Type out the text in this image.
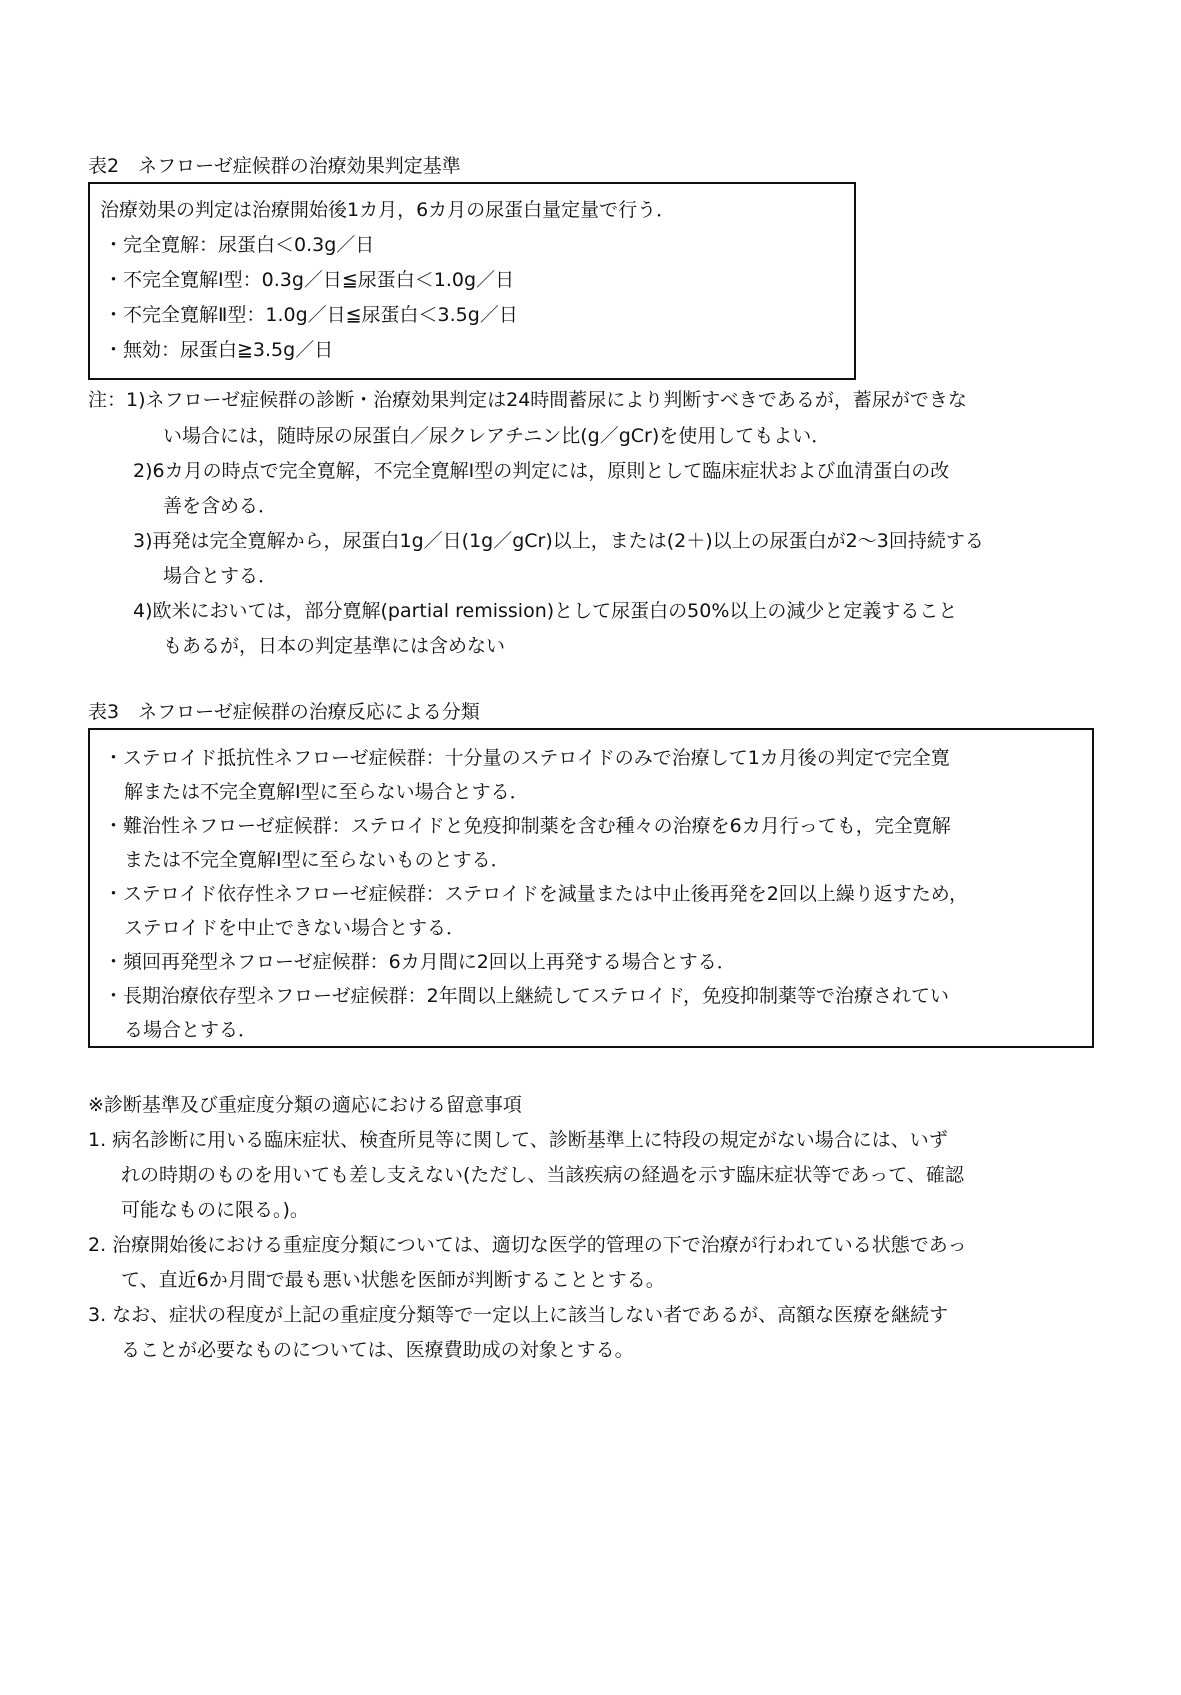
表2　ネフローゼ症候群の治療効果判定基準
治療効果の判定は治療開始後1カ月，6カ月の尿蛋白量定量で行う．
・完全寛解：尿蛋白＜0.3g／日
・不完全寛解Ⅰ型：0.3g／日≦尿蛋白＜1.0g／日
・不完全寛解Ⅱ型：1.0g／日≦尿蛋白＜3.5g／日
・無効：尿蛋白≧3.5g／日
注：1)ネフローゼ症候群の診断・治療効果判定は24時間蓄尿により判断すべきであるが，蓄尿ができな
い場合には，随時尿の尿蛋白／尿クレアチニン比(g／gCr)を使用してもよい．
2)6カ月の時点で完全寛解，不完全寛解Ⅰ型の判定には，原則として臨床症状および血清蛋白の改
善を含める．
3)再発は完全寛解から，尿蛋白1g／日(1g／gCr)以上，または(2＋)以上の尿蛋白が2～3回持続する
場合とする．
4)欧米においては，部分寛解(partial remission)として尿蛋白の50%以上の減少と定義すること
もあるが，日本の判定基準には含めない
表3　ネフローゼ症候群の治療反応による分類
・ステロイド抵抗性ネフローゼ症候群：十分量のステロイドのみで治療して1カ月後の判定で完全寛
解または不完全寛解Ⅰ型に至らない場合とする．
・難治性ネフローゼ症候群：ステロイドと免疫抑制薬を含む種々の治療を6カ月行っても，完全寛解
または不完全寛解Ⅰ型に至らないものとする．
・ステロイド依存性ネフローゼ症候群：ステロイドを減量または中止後再発を2回以上繰り返すため，
ステロイドを中止できない場合とする．
・頻回再発型ネフローゼ症候群：6カ月間に2回以上再発する場合とする．
・長期治療依存型ネフローゼ症候群：2年間以上継続してステロイド，免疫抑制薬等で治療されてい
る場合とする．
※診断基準及び重症度分類の適応における留意事項
1. 病名診断に用いる臨床症状、検査所見等に関して、診断基準上に特段の規定がない場合には、いず
れの時期のものを用いても差し支えない(ただし、当該疾病の経過を示す臨床症状等であって、確認
可能なものに限る。)。
2. 治療開始後における重症度分類については、適切な医学的管理の下で治療が行われている状態であっ
て、直近6か月間で最も悪い状態を医師が判断することとする。
3. なお、症状の程度が上記の重症度分類等で一定以上に該当しない者であるが、高額な医療を継続す
ることが必要なものについては、医療費助成の対象とする。
